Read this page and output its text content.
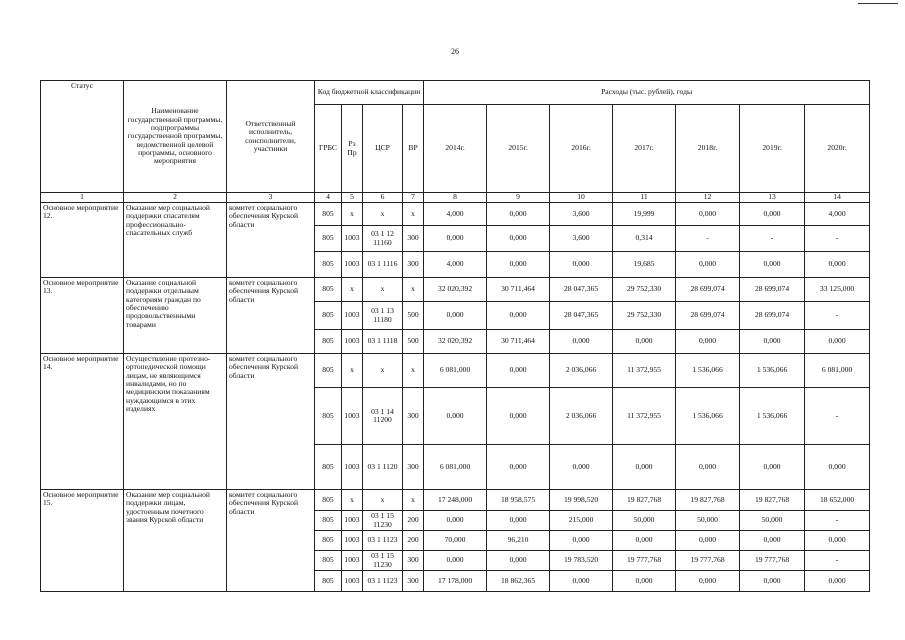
26
Статус	Наименование государственной программы, подпрограммы государственной программы, ведомственной целевой программы, основного мероприятия	Ответственный исполнитель, соисполнители, участники	Код бюджетной классификации				Расходы (тыс. рублей), годы						
			ГРБС	Рз Пр	ЦСР	ВР	2014г.	2015г.	2016г.	2017г.	2018г.	2019г.	2020г.
1	2	3	4	5	6	7	8	9	10	11	12	13	14
Основное мероприятие 12.	Оказание мер социальной поддержки спасателям профессионально-спасательных служб	комитет социального обеспечения Курской области	805	х	х	х	4,000	0,000	3,600	19,999	0,000	0,000	4,000
			805	1003	03 1 12 11160	300	0,000	0,000	3,600	0,314	-	-	-
			805	1003	03 1 1116	300	4,000	0,000	0,000	19,685	0,000	0,000	0,000
Основное мероприятие 13.	Оказание социальной поддержки отдельным категориям граждан по обеспечению продовольственными товарами	комитет социального обеспечения Курской области	805	х	х	х	32 020,392	30 711,464	28 047,365	29 752,330	28 699,074	28 699,074	33 125,000
			805	1003	03 1 13 11180	500	0,000	0,000	28 047,365	29 752,330	28 699,074	28 699,074	-
			805	1003	03 1 1118	500	32 020,392	30 711,464	0,000	0,000	0,000	0,000	0,000
Основное мероприятие 14.	Осуществление протезно-ортопедической помощи лицам, не являющимся инвалидами, но по медицинским показаниям нуждающимся в этих изделиях	комитет социального обеспечения Курской области	805	х	х	х	6 081,000	0,000	2 036,066	11 372,955	1 536,066	1 536,066	6 081,000
			805	1003	03 1 14 11200	300	0,000	0,000	2 036,066	11 372,955	1 536,066	1 536,066	-
			805	1003	03 1 1120	300	6 081,000	0,000	0,000	0,000	0,000	0,000	0,000
Основное мероприятие 15.	Оказание мер социальной поддержки лицам, удостоенным почетного звания Курской области	комитет социального обеспечения Курской области	805	х	х	х	17 248,000	18 958,575	19 998,520	19 827,768	19 827,768	19 827,768	18 652,000
			805	1003	03 1 15 11230	200	0,000	0,000	215,000	50,000	50,000	50,000	-
			805	1003	03 1 1123	200	70,000	96,210	0,000	0,000	0,000	0,000	0,000
			805	1003	03 1 15 11230	300	0,000	0,000	19 783,520	19 777,768	19 777,768	19 777,768	-
			805	1003	03 1 1123	300	17 178,000	18 862,365	0,000	0,000	0,000	0,000	0,000
